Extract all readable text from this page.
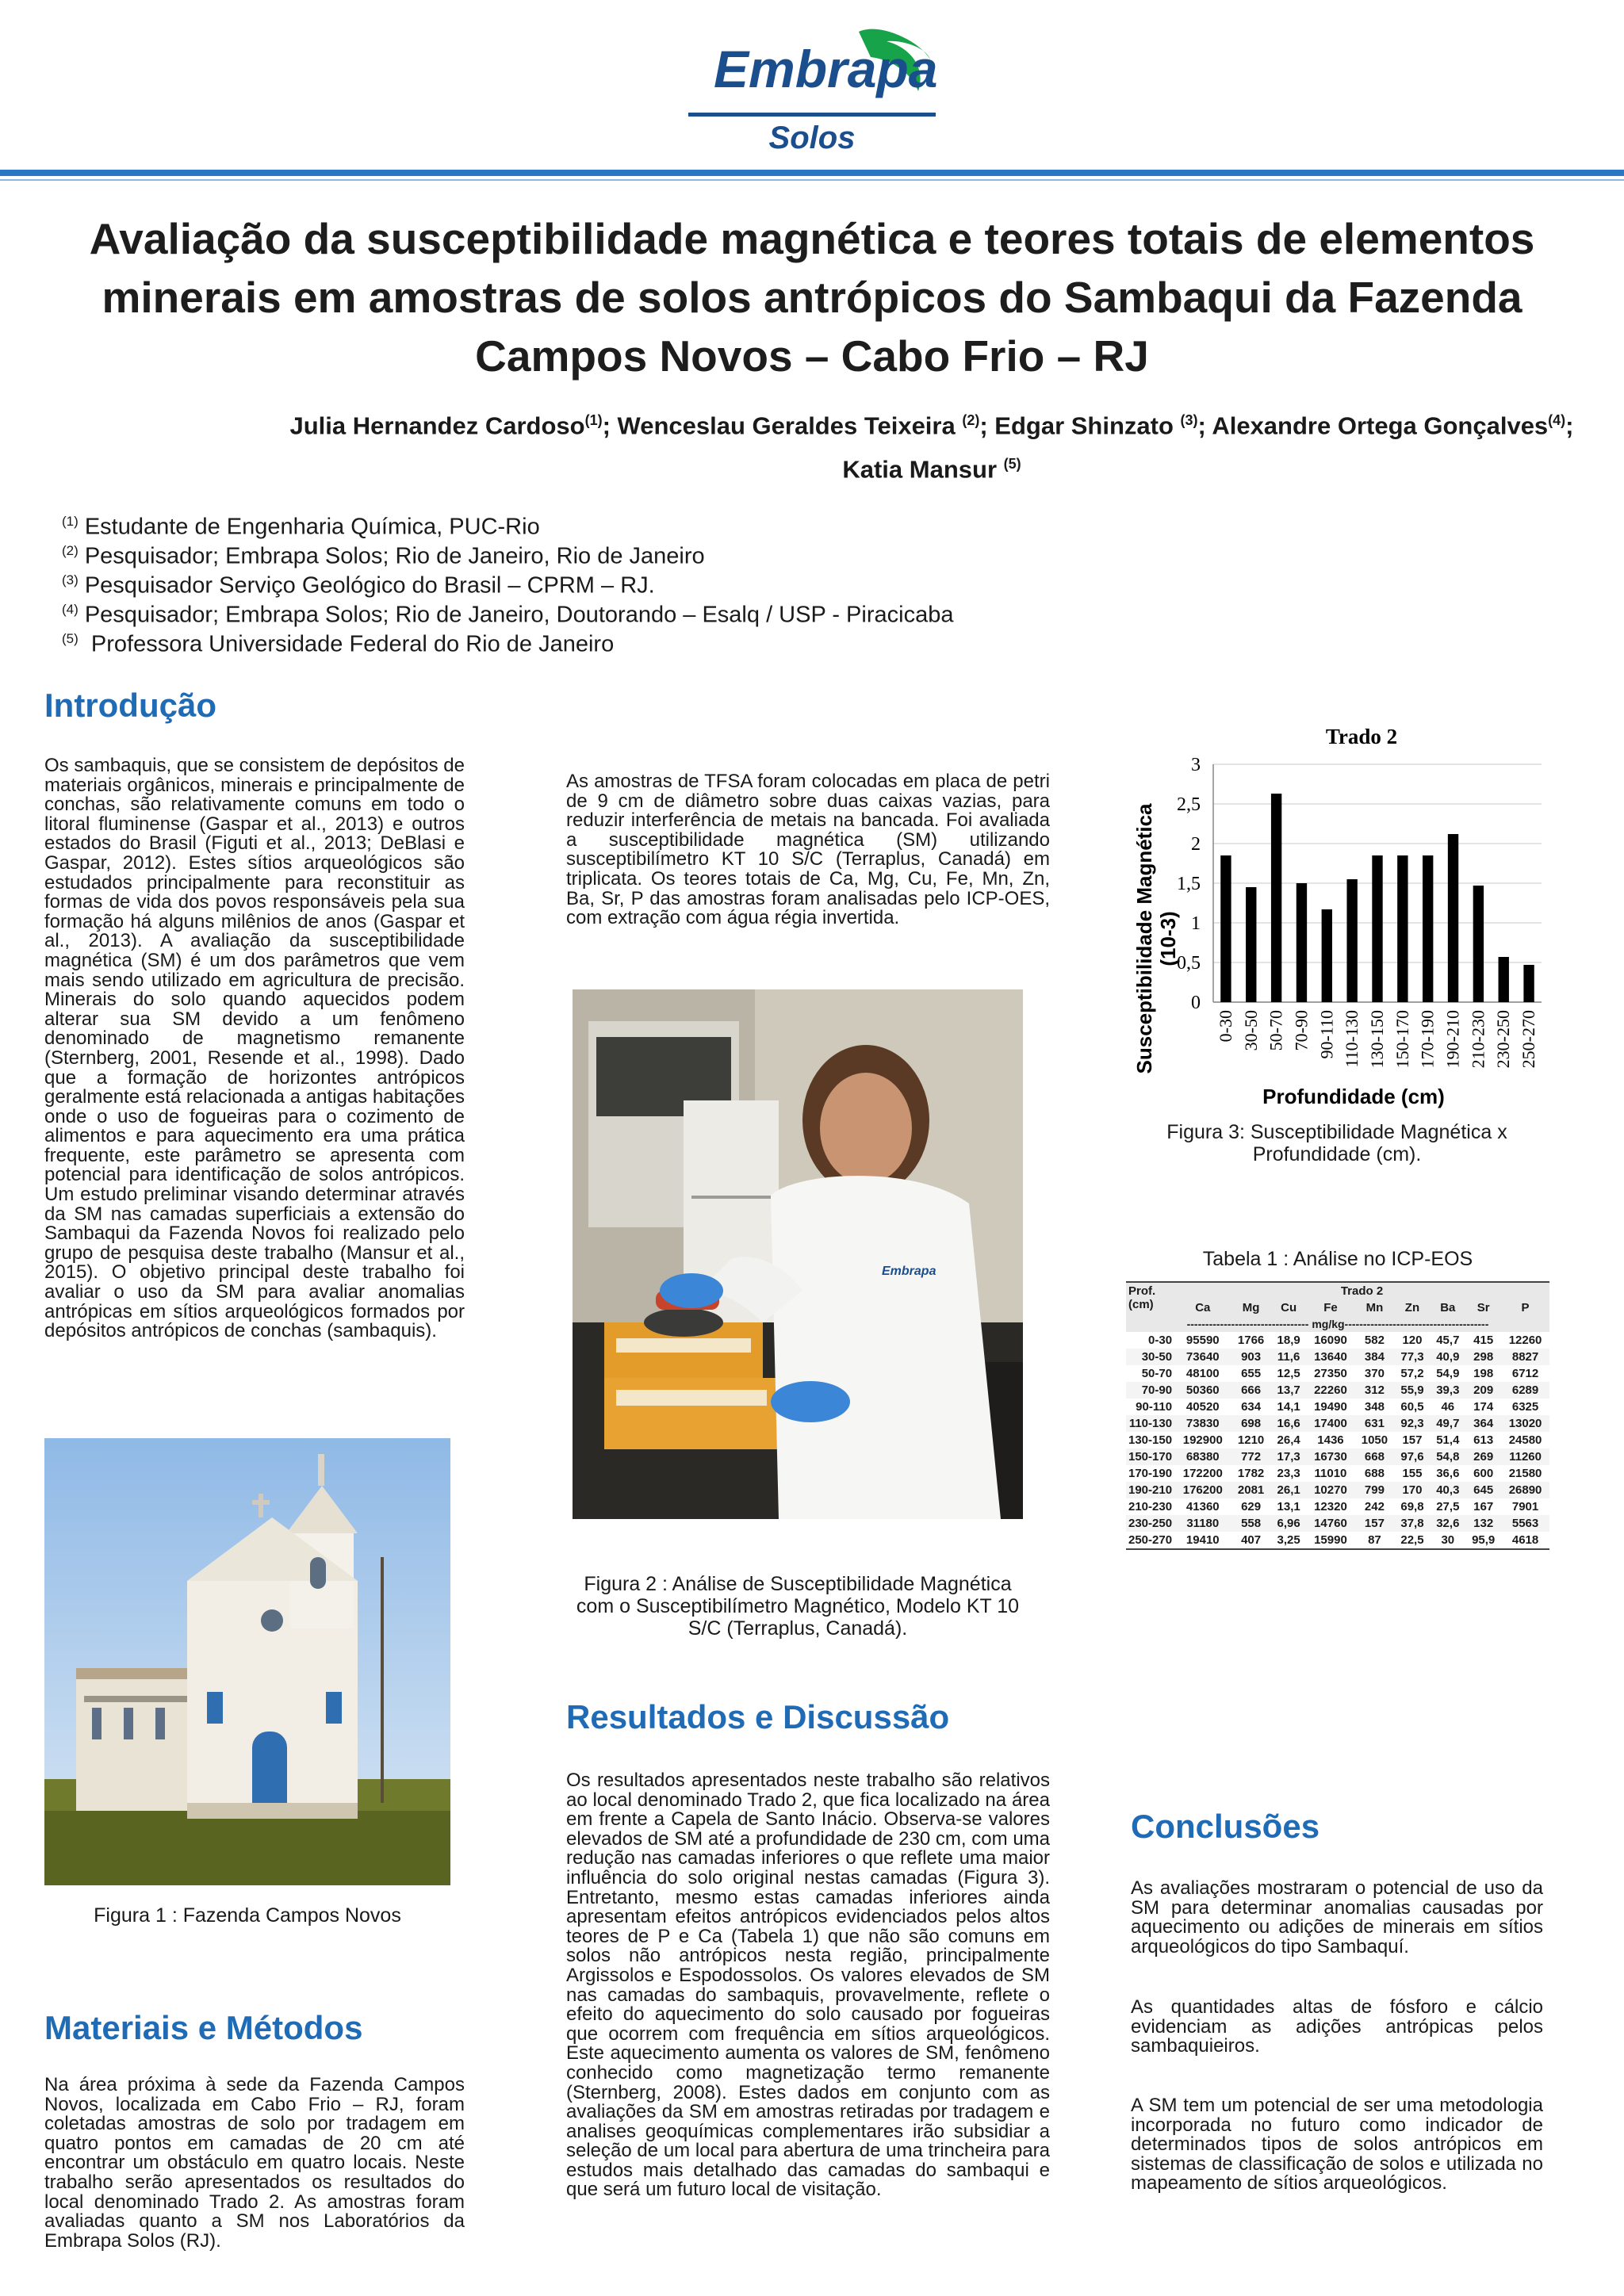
Embrapa
Solos
Avaliação da susceptibilidade magnética e teores totais de elementos minerais em amostras de solos antrópicos do Sambaqui da Fazenda Campos Novos – Cabo Frio – RJ
Julia Hernandez Cardoso$^{(1)}$; Wenceslau Geraldes Teixeira $^{(2)}$; Edgar Shinzato $^{(3)}$; Alexandre Ortega Gonçalves$^{(4)}$; Katia Mansur $^{(5)}$
$^{(1)}$ Estudante de Engenharia Química, PUC-Rio
$^{(2)}$ Pesquisador; Embrapa Solos; Rio de Janeiro, Rio de Janeiro
$^{(3)}$ Pesquisador Serviço Geológico do Brasil – CPRM – RJ.
$^{(4)}$ Pesquisador; Embrapa Solos; Rio de Janeiro, Doutorando – Esalq / USP - Piracicaba
$^{(5)}$  Professora Universidade Federal do Rio de Janeiro
Introdução
Os sambaquis, que se consistem de depósitos de materiais orgânicos, minerais e principalmente de conchas, são relativamente comuns em todo o litoral fluminense (Gaspar et al., 2013) e outros estados do Brasil (Figuti et al., 2013; DeBlasi e Gaspar, 2012). Estes sítios arqueológicos são estudados principalmente para reconstituir as formas de vida dos povos responsáveis pela sua formação há alguns milênios de anos (Gaspar et al., 2013). A avaliação da susceptibilidade magnética (SM) é um dos parâmetros que vem mais sendo utilizado em agricultura de precisão. Minerais do solo quando aquecidos podem alterar sua SM devido a um fenômeno denominado de magnetismo remanente (Sternberg, 2001, Resende et al., 1998). Dado que a formação de horizontes antrópicos geralmente está relacionada a antigas habitações onde o uso de fogueiras para o cozimento de alimentos e para aquecimento era uma prática frequente, este parâmetro se apresenta com potencial para identificação de solos antrópicos. Um estudo preliminar visando determinar através da SM nas camadas superficiais a extensão do Sambaqui da Fazenda Novos foi realizado pelo grupo de pesquisa deste trabalho (Mansur et al., 2015). O objetivo principal deste trabalho foi avaliar o uso da SM para avaliar anomalias antrópicas em sítios arqueológicos formados por depósitos antrópicos de conchas (sambaquis).
Figura 1 : Fazenda Campos Novos
Materiais e Métodos
Na área próxima à sede da Fazenda Campos Novos, localizada em Cabo Frio – RJ, foram coletadas amostras de solo por tradagem em quatro pontos em camadas de 20 cm até encontrar um obstáculo em quatro locais. Neste trabalho serão apresentados os resultados do local denominado Trado 2. As amostras foram avaliadas quanto a SM nos Laboratórios da Embrapa Solos (RJ).
As amostras de TFSA foram colocadas em placa de petri de 9 cm de diâmetro sobre duas caixas vazias, para reduzir interferência de metais na bancada. Foi avaliada a susceptibilidade magnética (SM) utilizando susceptibilímetro KT 10 S/C (Terraplus, Canadá) em triplicata. Os teores totais de Ca, Mg, Cu, Fe, Mn, Zn, Ba, Sr, P das amostras foram analisadas pelo ICP-OES, com extração com água régia invertida.
Embrapa
Figura 2 : Análise de Susceptibilidade Magnética com o Susceptibilímetro Magnético, Modelo KT 10 S/C (Terraplus, Canadá).
Resultados e Discussão
Os resultados apresentados neste trabalho são relativos ao local denominado Trado 2, que fica localizado na área em frente a Capela de Santo Inácio. Observa-se valores elevados de SM até a profundidade de 230 cm, com uma redução nas camadas inferiores o que reflete uma maior influência do solo original nestas camadas (Figura 3). Entretanto, mesmo estas camadas inferiores ainda apresentam efeitos antrópicos evidenciados pelos altos teores de P e Ca (Tabela 1) que não são comuns em solos não antrópicos nesta região, principalmente Argissolos e Espodossolos. Os valores elevados de SM nas camadas do sambaquis, provavelmente, reflete o efeito do aquecimento do solo causado por fogueiras que ocorrem com frequência em sítios arqueológicos. Este aquecimento aumenta os valores de SM, fenômeno conhecido como magnetização termo remanente (Sternberg, 2008). Estes dados em conjunto com as avaliações da SM em amostras retiradas por tradagem e analises geoquímicas complementares irão subsidiar a seleção de um local para abertura de uma trincheira para estudos mais detalhado das camadas do sambaqui e que será um futuro local de visitação.
Trado 2
0
0,5
1
1,5
2
2,5
3
0-30 30-50 50-70 70-90 90-110 110-130 130-150 150-170 170-190 190-210 210-230 230-250 250-270
Profundidade (cm)
Susceptibilidade Magnética(10-3)
Figura 3: Susceptibilidade Magnética x Profundidade (cm).
Tabela 1 : Análise no ICP-EOS
Prof. (cm)	Trado 2								
	Ca	Mg	Cu	Fe	Mn	Zn	Ba	Sr	P
--------------------------------- mg/kg---------------------------------------									
0-30	95590	1766	18,9	16090	582	120	45,7	415	12260
30-50	73640	903	11,6	13640	384	77,3	40,9	298	8827
50-70	48100	655	12,5	27350	370	57,2	54,9	198	6712
70-90	50360	666	13,7	22260	312	55,9	39,3	209	6289
90-110	40520	634	14,1	19490	348	60,5	46	174	6325
110-130	73830	698	16,6	17400	631	92,3	49,7	364	13020
130-150	192900	1210	26,4	1436	1050	157	51,4	613	24580
150-170	68380	772	17,3	16730	668	97,6	54,8	269	11260
170-190	172200	1782	23,3	11010	688	155	36,6	600	21580
190-210	176200	2081	26,1	10270	799	170	40,3	645	26890
210-230	41360	629	13,1	12320	242	69,8	27,5	167	7901
230-250	31180	558	6,96	14760	157	37,8	32,6	132	5563
250-270	19410	407	3,25	15990	87	22,5	30	95,9	4618
Conclusões
As avaliações mostraram o potencial de uso da SM para determinar anomalias causadas por aquecimento ou adições de minerais em sítios arqueológicos do tipo Sambaquí.
As quantidades altas de fósforo e cálcio evidenciam as adições antrópicas pelos sambaquieiros.
A SM tem um potencial de ser uma metodologia incorporada no futuro como indicador de determinados tipos de solos antrópicos em sistemas de classificação de solos e utilizada no mapeamento de sítios arqueológicos.
